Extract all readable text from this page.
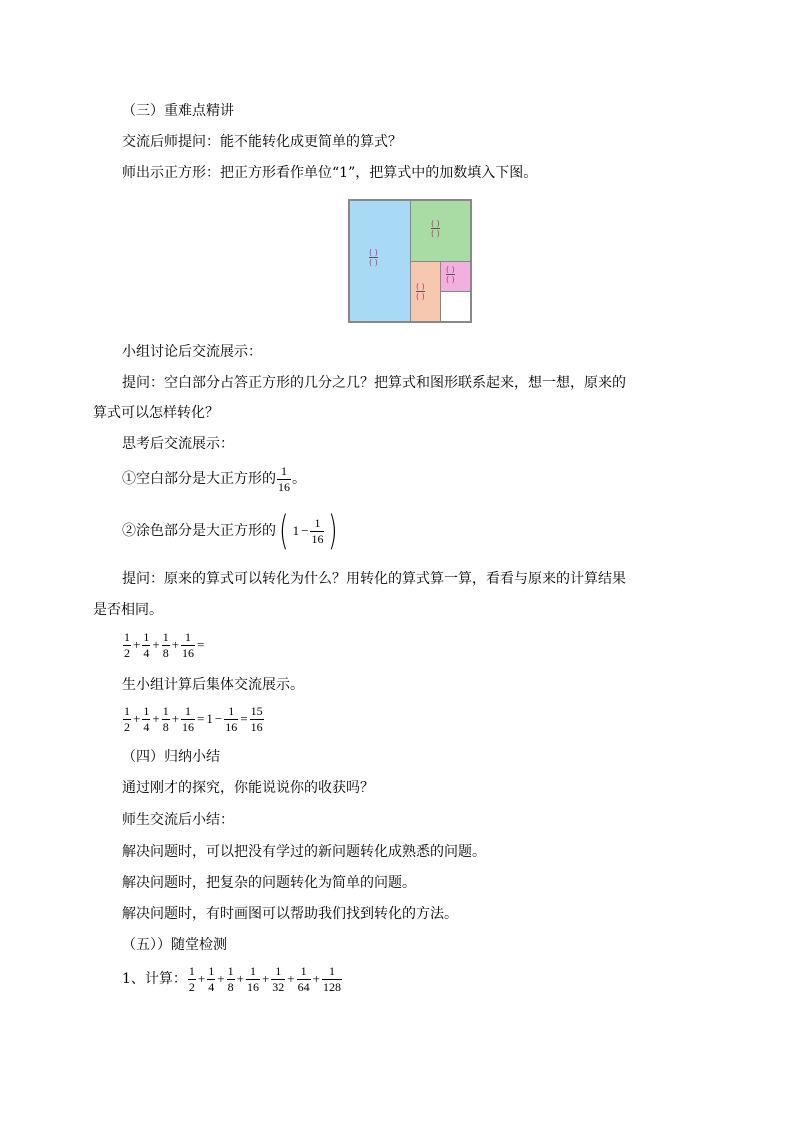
（三）重难点精讲
交流后师提问：能不能转化成更简单的算式？
师出示正方形：把正方形看作单位“1”，把算式中的加数填入下图。
( )
( )
( )
( )
( )
( )
( )
( )
小组讨论后交流展示：
提问：空白部分占答正方形的几分之几？把算式和图形联系起来，想一想，原来的
算式可以怎样转化？
思考后交流展示：
①空白部分是大正方形的 $\frac{1}{16}$ 。
②涂色部分是大正方形的( $1 - \frac{1}{16}$ )
提问：原来的算式可以转化为什么？用转化的算式算一算，看看与原来的计算结果
是否相同。
$\frac{1}{2} + \frac{1}{4} + \frac{1}{8} + \frac{1}{16}$ =
生小组计算后集体交流展示。
$\frac{1}{2} + \frac{1}{4} + \frac{1}{8} + \frac{1}{16} = 1 - \frac{1}{16} = \frac{15}{16}$
（四）归纳小结
通过刚才的探究，你能说说你的收获吗？
师生交流后小结：
解决问题时，可以把没有学过的新问题转化成熟悉的问题。
解决问题时，把复杂的问题转化为简单的问题。
解决问题时，有时画图可以帮助我们找到转化的方法。
（五））随堂检测
1、计算： $\frac{1}{2} + \frac{1}{4} + \frac{1}{8} + \frac{1}{16} + \frac{1}{32} + \frac{1}{64} + \frac{1}{128}$
